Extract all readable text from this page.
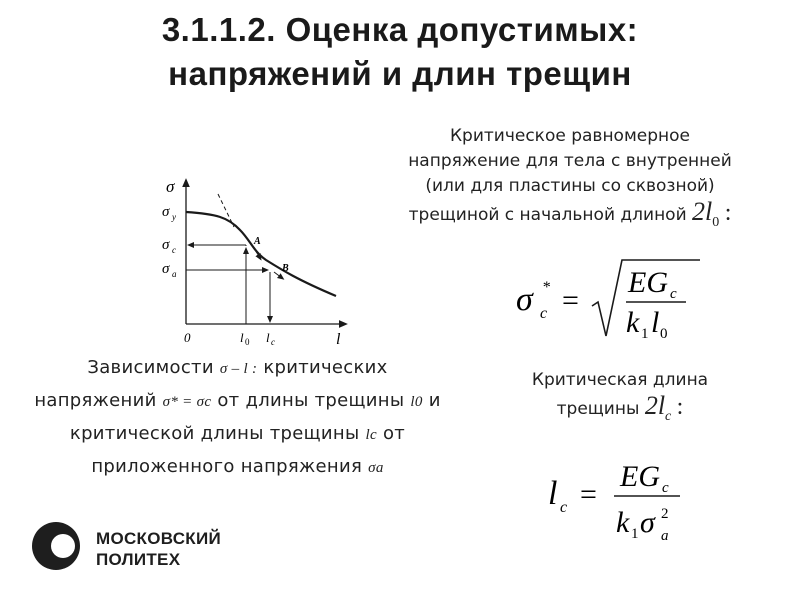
3.1.1.2. Оценка допустимых:
напряжений и длин трещин
Критическое равномерное
напряжение для тела с внутренней
(или для пластины со сквозной)
трещиной с начальной длиной $2l_0$ :
σ *
c =
EG c
k 1 l 0
Критическая длина
трещины $2l_c$ :
l c =
EG c
k 1 σ 2
a
σ
l
0
σ y
σ c
σ a
l 0 l c
A
B
Зависимости σ – l : критических
напряжений σ* = σc от длины трещины l0 и
критической длины трещины lc от
приложенного напряжения σa
МОСКОВСКИЙ
ПОЛИТЕХ
